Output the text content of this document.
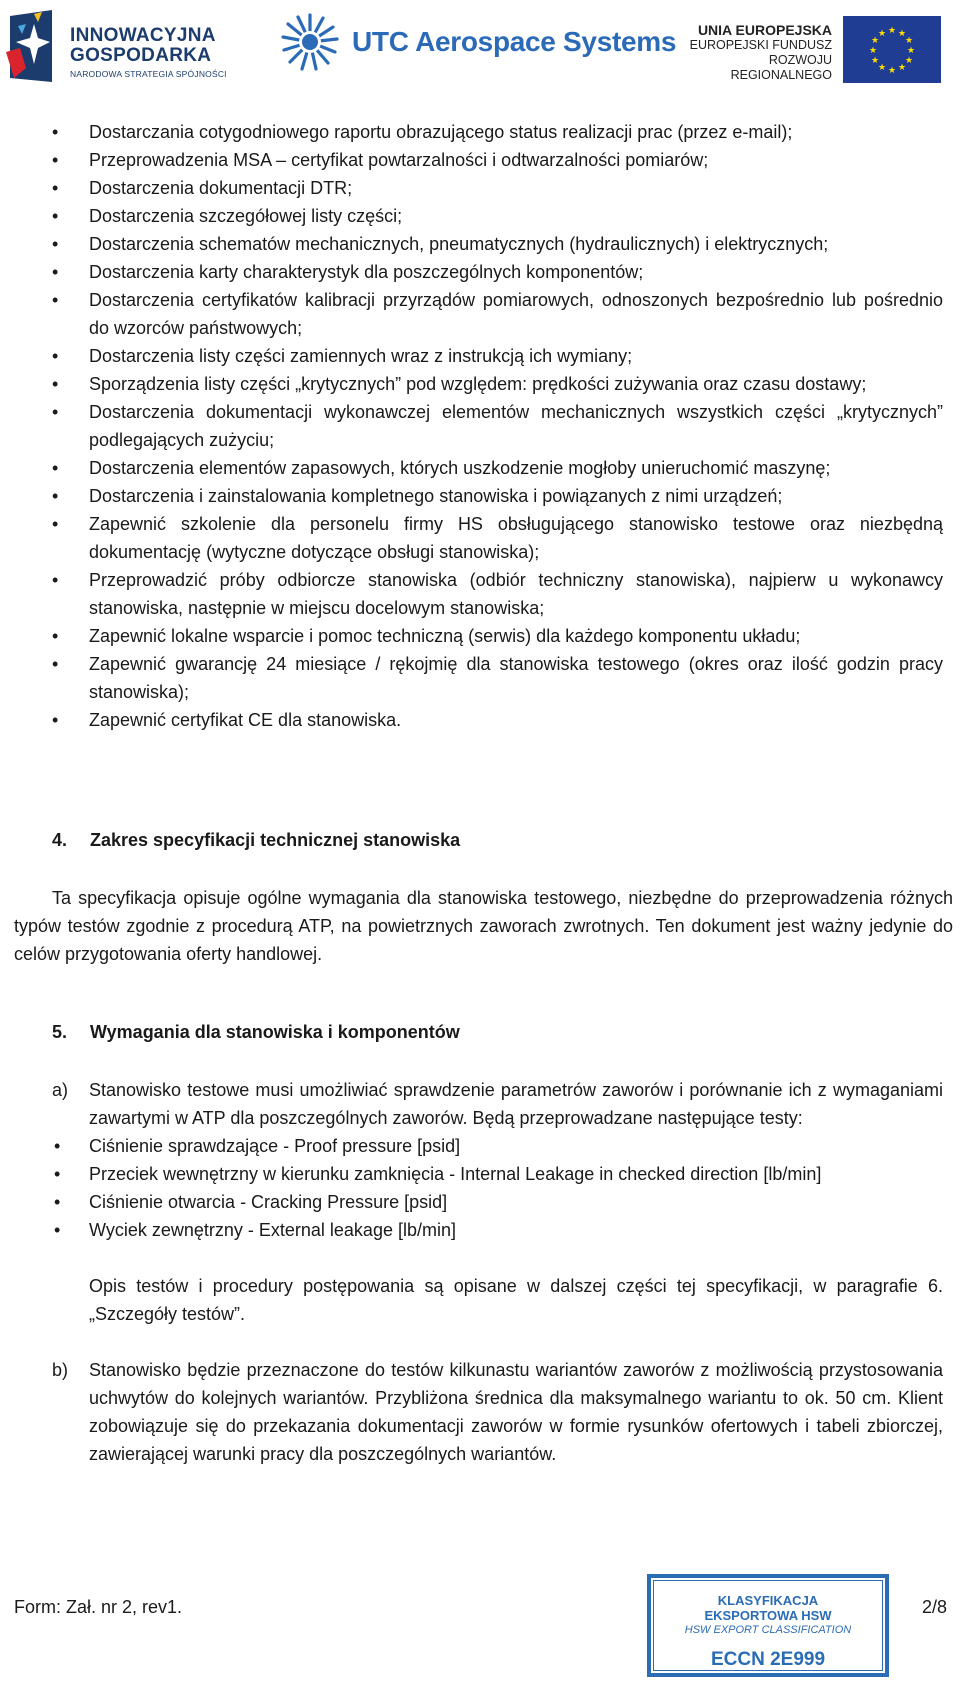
INNOWACYJNA
GOSPODARKA
NARODOWA STRATEGIA SPÓJNOŚCI
UTC Aerospace Systems	UNIA EUROPEJSKA
EUROPEJSKI FUNDUSZ
ROZWOJU REGIONALNEGO
★ ★
★
★
★
★
★
★
★
★
★
★
• Dostarczania cotygodniowego raportu obrazującego status realizacji prac (przez e-mail);
• Przeprowadzenia MSA – certyfikat powtarzalności i odtwarzalności pomiarów;
• Dostarczenia dokumentacji DTR;
• Dostarczenia szczegółowej listy części;
• Dostarczenia schematów mechanicznych, pneumatycznych (hydraulicznych) i elektrycznych;
• Dostarczenia karty charakterystyk dla poszczególnych komponentów;
• Dostarczenia certyfikatów kalibracji przyrządów pomiarowych, odnoszonych bezpośrednio lub pośrednio do wzorców państwowych;
• Dostarczenia listy części zamiennych wraz z instrukcją ich wymiany;
• Sporządzenia listy części „krytycznych” pod względem: prędkości zużywania oraz czasu dostawy;
• Dostarczenia dokumentacji wykonawczej elementów mechanicznych wszystkich części „krytycznych” podlegających zużyciu;
• Dostarczenia elementów zapasowych, których uszkodzenie mogłoby unieruchomić maszynę;
• Dostarczenia i zainstalowania kompletnego stanowiska i powiązanych z nimi urządzeń;
• Zapewnić szkolenie dla personelu firmy HS obsługującego stanowisko testowe oraz niezbędną dokumentację (wytyczne dotyczące obsługi stanowiska);
• Przeprowadzić próby odbiorcze stanowiska (odbiór techniczny stanowiska), najpierw u wykonawcy stanowiska, następnie w miejscu docelowym stanowiska;
• Zapewnić lokalne wsparcie i pomoc techniczną (serwis) dla każdego komponentu układu;
• Zapewnić gwarancję 24 miesiące / rękojmię dla stanowiska testowego (okres oraz ilość godzin pracy stanowiska);
• Zapewnić certyfikat CE dla stanowiska.
4. Zakres specyfikacji technicznej stanowiska
Ta specyfikacja opisuje ogólne wymagania dla stanowiska testowego, niezbędne do przeprowadzenia różnych typów testów zgodnie z procedurą ATP, na powietrznych zaworach zwrotnych. Ten dokument jest ważny jedynie do celów przygotowania oferty handlowej.
5. Wymagania dla stanowiska i komponentów
a) Stanowisko testowe musi umożliwiać sprawdzenie parametrów zaworów i porównanie ich z wymaganiami zawartymi w ATP dla poszczególnych zaworów. Będą przeprowadzane następujące testy:
• Ciśnienie sprawdzające - Proof pressure [psid]
• Przeciek wewnętrzny w kierunku zamknięcia - Internal Leakage in checked direction [lb/min]
• Ciśnienie otwarcia - Cracking Pressure [psid]
• Wyciek zewnętrzny - External leakage [lb/min]
Opis testów i procedury postępowania są opisane w dalszej części tej specyfikacji, w paragrafie 6. „Szczegóły testów”.
b) Stanowisko będzie przeznaczone do testów kilkunastu wariantów zaworów z możliwością przystosowania uchwytów do kolejnych wariantów. Przybliżona średnica dla maksymalnego wariantu to ok. 50 cm. Klient zobowiązuje się do przekazania dokumentacji zaworów w formie rysunków ofertowych i tabeli zbiorczej, zawierającej warunki pracy dla poszczególnych wariantów.
Form: Zał. nr 2, rev1.	KLASYFIKACJA
EKSPORTOWA HSW
HSW EXPORT CLASSIFICATION
ECCN 2E999
2/8
